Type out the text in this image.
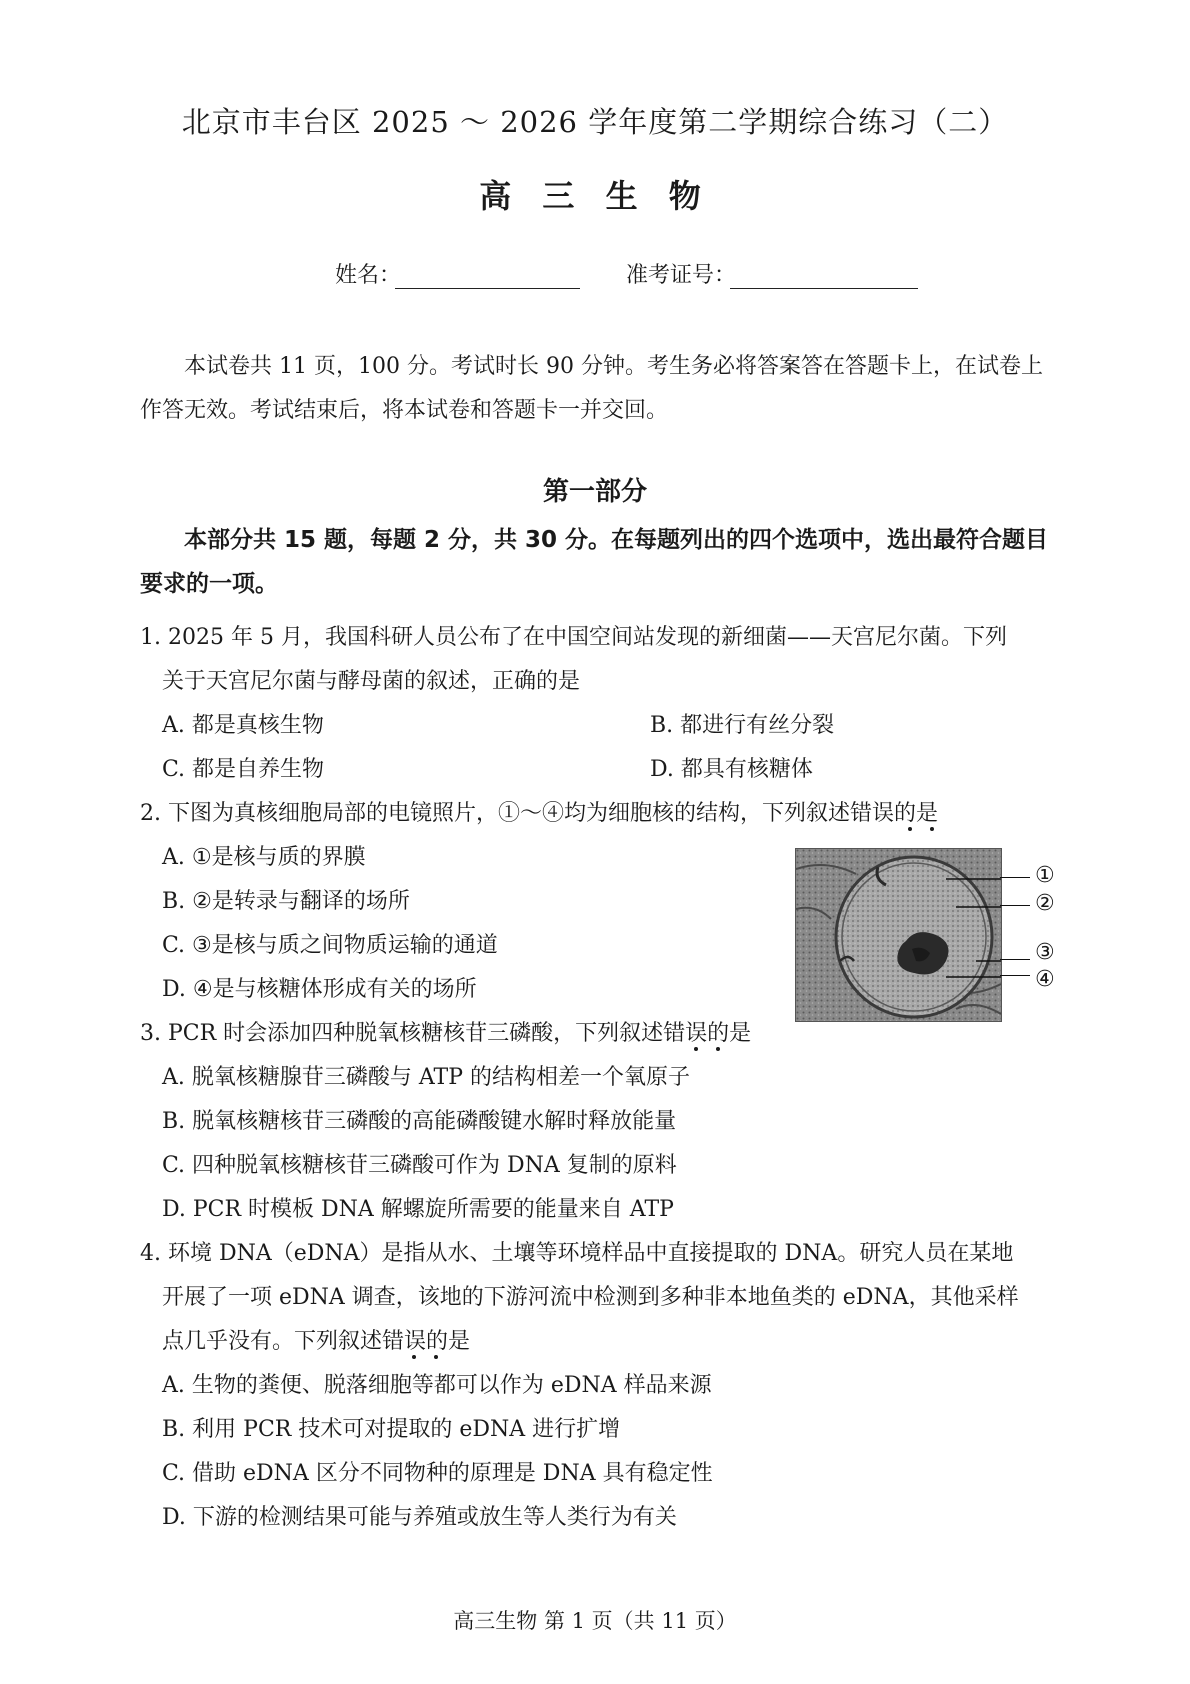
北京市丰台区 2025 ～ 2026 学年度第二学期综合练习（二）
高 三 生 物
姓名：	准考证号：
本试卷共 11 页，100 分。考试时长 90 分钟。考生务必将答案答在答题卡上，在试卷上作答无效。考试结束后，将本试卷和答题卡一并交回。
第一部分
本部分共 15 题，每题 2 分，共 30 分。在每题列出的四个选项中，选出最符合题目要求的一项。
1. 2025 年 5 月，我国科研人员公布了在中国空间站发现的新细菌——天宫尼尔菌。下列
关于天宫尼尔菌与酵母菌的叙述，正确的是
A. 都是真核生物	B. 都进行有丝分裂
C. 都是自养生物	D. 都具有核糖体
2. 下图为真核细胞局部的电镜照片，①～④均为细胞核的结构，下列叙述错误的是
A. ①是核与质的界膜
B. ②是转录与翻译的场所
C. ③是核与质之间物质运输的通道
D. ④是与核糖体形成有关的场所
①
②
③
④
3. PCR 时会添加四种脱氧核糖核苷三磷酸，下列叙述错误的是
A. 脱氧核糖腺苷三磷酸与 ATP 的结构相差一个氧原子
B. 脱氧核糖核苷三磷酸的高能磷酸键水解时释放能量
C. 四种脱氧核糖核苷三磷酸可作为 DNA 复制的原料
D. PCR 时模板 DNA 解螺旋所需要的能量来自 ATP
4. 环境 DNA（eDNA）是指从水、土壤等环境样品中直接提取的 DNA。研究人员在某地
开展了一项 eDNA 调查，该地的下游河流中检测到多种非本地鱼类的 eDNA，其他采样
点几乎没有。下列叙述错误的是
A. 生物的粪便、脱落细胞等都可以作为 eDNA 样品来源
B. 利用 PCR 技术可对提取的 eDNA 进行扩增
C. 借助 eDNA 区分不同物种的原理是 DNA 具有稳定性
D. 下游的检测结果可能与养殖或放生等人类行为有关
高三生物 第 1 页（共 11 页）
